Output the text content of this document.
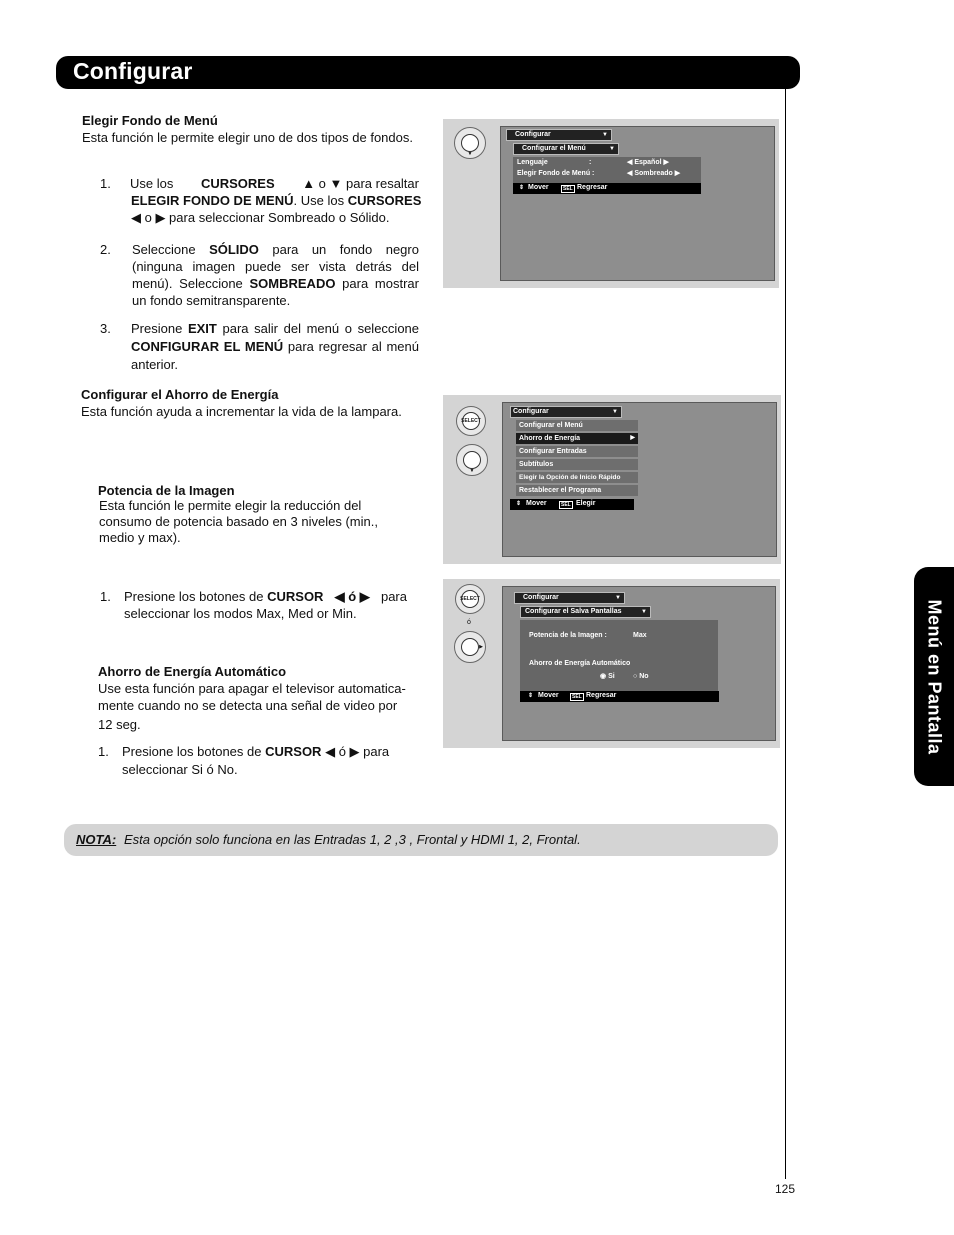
Configurar
Menú en Pantalla
Elegir Fondo de Menú
Esta función le permite elegir uno de dos tipos de fondos.
1. Use los CURSORES ▲ o ▼ para resaltar
ELEGIR FONDO DE MENÚ. Use los CURSORES
◀ o ▶ para seleccionar Sombreado o Sólido.
2. Seleccione SÓLIDO para un fondo negro (ninguna imagen puede ser vista detrás del menú). Seleccione SOMBREADO para mostrar un fondo semitransparente.
3. Presione EXIT para salir del menú o seleccione CONFIGURAR EL MENÚ para regresar al menú anterior.
Configurar el Ahorro de Energía
Esta función ayuda a incrementar la vida de la lampara.
Potencia de la Imagen
Esta función le permite elegir la reducción del consumo de potencia basado en 3 niveles (min., medio y max).
1. Presione los botones de CURSOR ◀ ó ▶ para
seleccionar los modos Max, Med or Min.
Ahorro de Energía Automático
Use esta función para apagar el televisor automatica-
mente cuando no se detecta una señal de video por
12 seg.
1. Presione los botones de CURSOR ◀ ó ▶ para
seleccionar Si ó No.
▼
Configurar	▼
Configurar el Menú	▼
Lenguaje	:	◀ Español ▶
Elegir Fondo de Menú :	◀ Sombreado ▶
⇕ Mover	SEL Regresar
SELECT
▼
Configurar	▼
Configurar el Menú
Ahorro de Energía	▶
Configurar Entradas
Subtítulos
Elegir la Opción de Inicio Rápido
Restablecer el Programa
⇕ Mover	SEL Elegir
SELECT
ó
▶
Configurar	▼
Configurar el Salva Pantallas	▼
Potencia de la Imagen :	Max
Ahorro de Energía Automático
◉ Si	○ No
⇕ Mover	SEL Regresar
NOTA: Esta opción solo funciona en las Entradas 1, 2 ,3 , Frontal y HDMI 1, 2, Frontal.
125
